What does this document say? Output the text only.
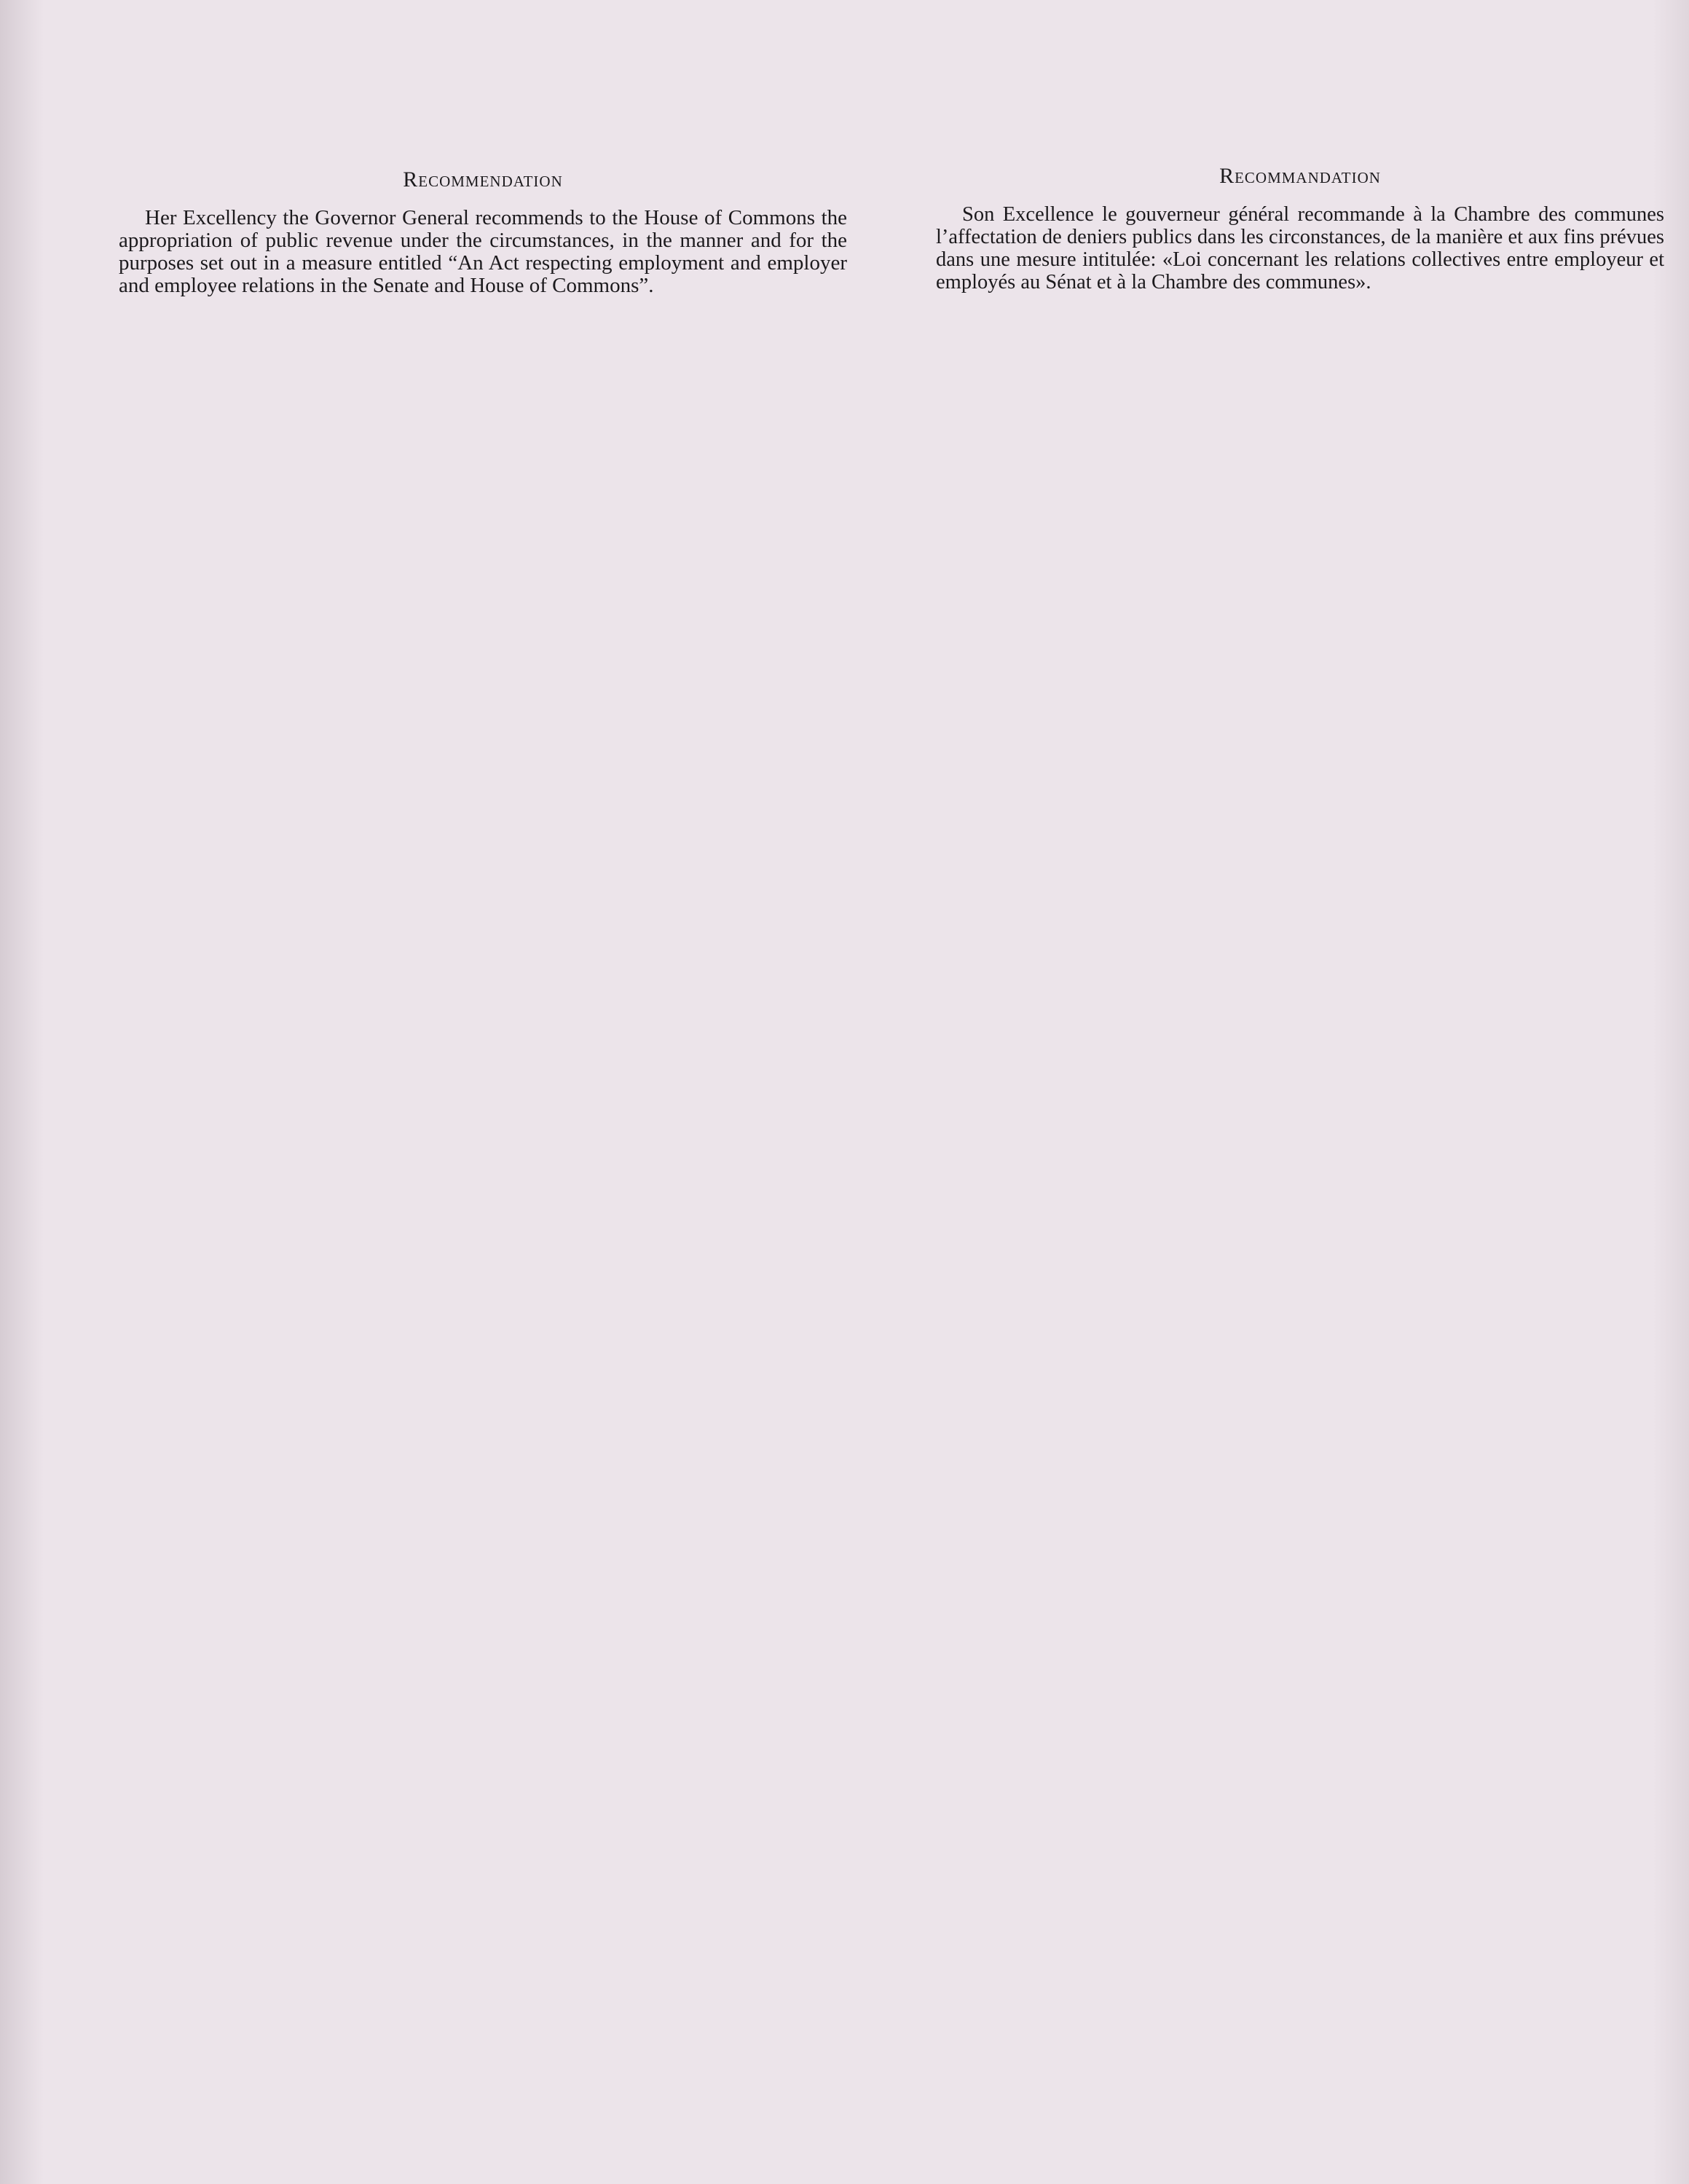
Recommendation

Her Excellency the Governor General recommends to the House of Commons the appropriation of public revenue under the circumstances, in the manner and for the purposes set out in a measure entitled “An Act respecting employment and employer and employee relations in the Senate and House of Commons”.

Recommandation

Son Excellence le gouverneur général recommande à la Chambre des communes l’affectation de deniers publics dans les circonstances, de la manière et aux fins prévues dans une mesure intitulée: «Loi concernant les relations collectives entre employeur et employés au Sénat et à la Chambre des communes».
